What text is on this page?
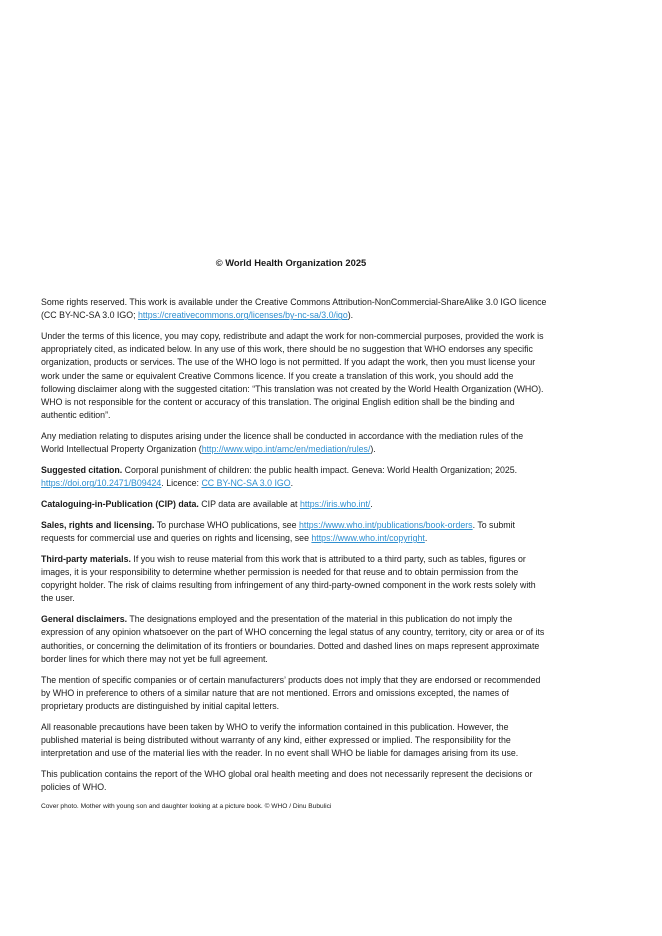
© World Health Organization 2025

Some rights reserved. This work is available under the Creative Commons Attribution-NonCommercial-ShareAlike 3.0 IGO licence (CC BY-NC-SA 3.0 IGO; https://creativecommons.org/licenses/by-nc-sa/3.0/igo).

Under the terms of this licence, you may copy, redistribute and adapt the work for non-commercial purposes, provided the work is appropriately cited, as indicated below. In any use of this work, there should be no suggestion that WHO endorses any specific organization, products or services. The use of the WHO logo is not permitted. If you adapt the work, then you must license your work under the same or equivalent Creative Commons licence. If you create a translation of this work, you should add the following disclaimer along with the suggested citation: “This translation was not created by the World Health Organization (WHO). WHO is not responsible for the content or accuracy of this translation. The original English edition shall be the binding and authentic edition”.

Any mediation relating to disputes arising under the licence shall be conducted in accordance with the mediation rules of the World Intellectual Property Organization (http://www.wipo.int/amc/en/mediation/rules/).

Suggested citation. Corporal punishment of children: the public health impact. Geneva: World Health Organization; 2025. https://doi.org/10.2471/B09424. Licence: CC BY-NC-SA 3.0 IGO.

Cataloguing-in-Publication (CIP) data. CIP data are available at https://iris.who.int/.

Sales, rights and licensing. To purchase WHO publications, see https://www.who.int/publications/book-orders. To submit requests for commercial use and queries on rights and licensing, see https://www.who.int/copyright.

Third-party materials. If you wish to reuse material from this work that is attributed to a third party, such as tables, figures or images, it is your responsibility to determine whether permission is needed for that reuse and to obtain permission from the copyright holder. The risk of claims resulting from infringement of any third-party-owned component in the work rests solely with the user.

General disclaimers. The designations employed and the presentation of the material in this publication do not imply the expression of any opinion whatsoever on the part of WHO concerning the legal status of any country, territory, city or area or of its authorities, or concerning the delimitation of its frontiers or boundaries. Dotted and dashed lines on maps represent approximate border lines for which there may not yet be full agreement.

The mention of specific companies or of certain manufacturers’ products does not imply that they are endorsed or recommended by WHO in preference to others of a similar nature that are not mentioned. Errors and omissions excepted, the names of proprietary products are distinguished by initial capital letters.

All reasonable precautions have been taken by WHO to verify the information contained in this publication. However, the published material is being distributed without warranty of any kind, either expressed or implied. The responsibility for the interpretation and use of the material lies with the reader. In no event shall WHO be liable for damages arising from its use.

This publication contains the report of the WHO global oral health meeting and does not necessarily represent the decisions or policies of WHO.

Cover photo. Mother with young son and daughter looking at a picture book. © WHO / Dinu Bubulici
